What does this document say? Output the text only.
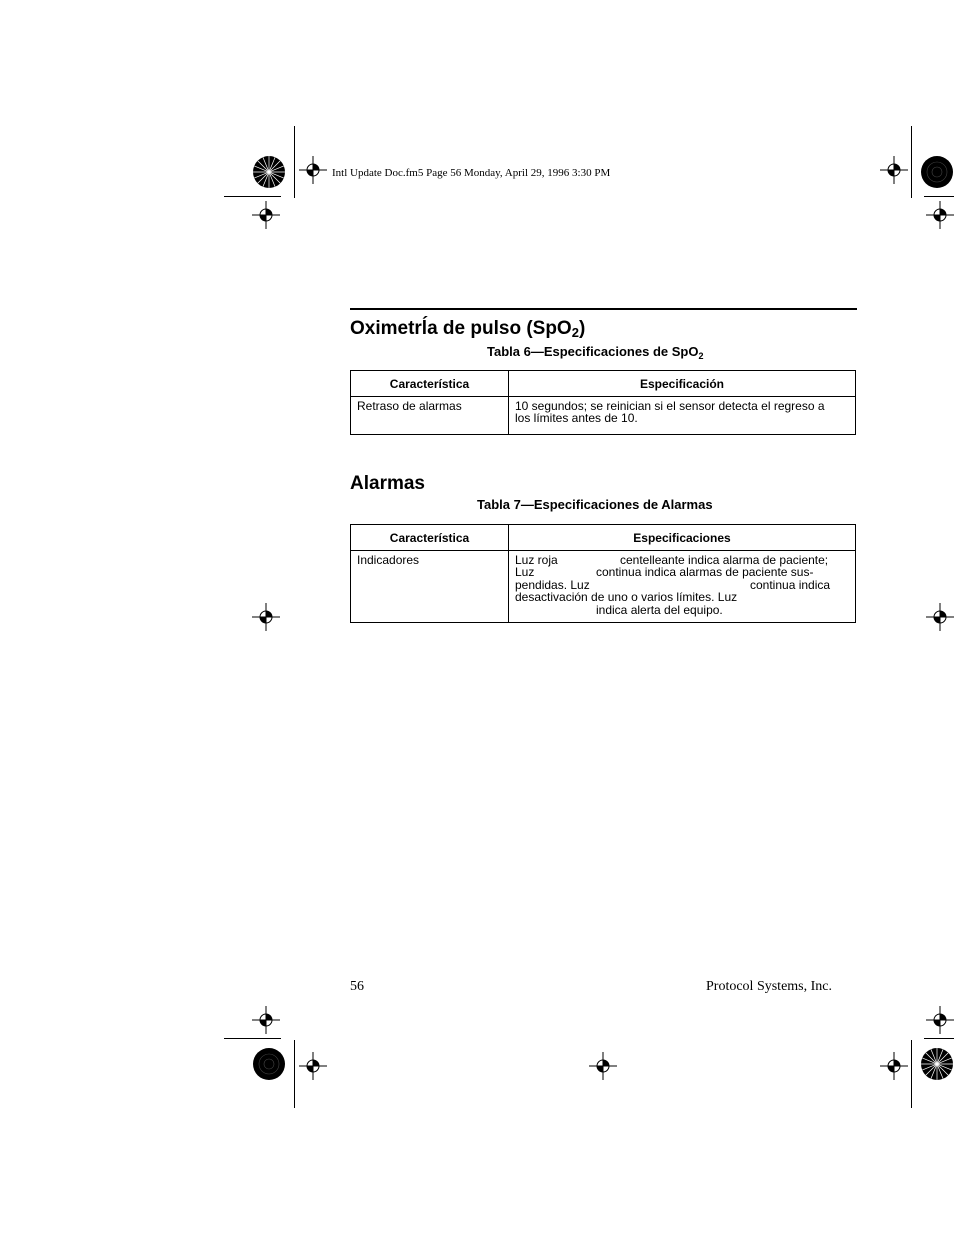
Intl Update Doc.fm5 Page 56 Monday, April 29, 1996 3:30 PM
Oximetrĺa de pulso (SpO$_2$)
Tabla 6—Especificaciones de SpO$_2$
Característica	Especificación

Retraso de alarmas	10 segundos; se reinician si el sensor detecta el regreso a
los límites antes de 10.
Alarmas
Tabla 7—Especificaciones de Alarmas
Característica	Especificaciones

Indicadores	Luz roja centelleante indica alarma de paciente;
Luz continua indica alarmas de paciente sus-
pendidas. Luz continua indica
desactivación de uno o varios límites. Luz
indica alerta del equipo.
56	Protocol Systems, Inc.
